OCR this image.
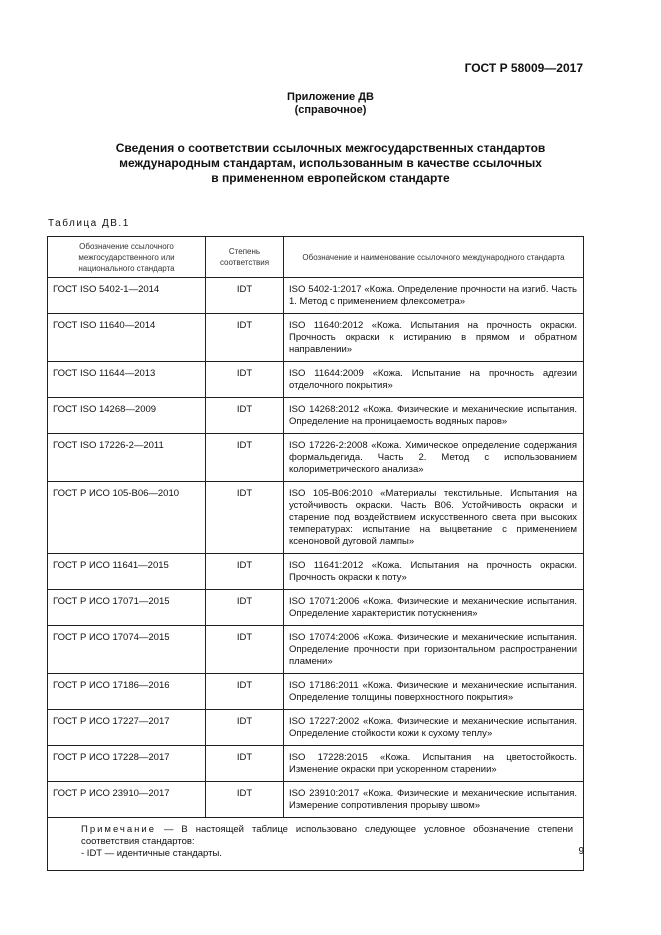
ГОСТ Р 58009—2017
Приложение ДВ
(справочное)
Сведения о соответствии ссылочных межгосударственных стандартов
международным стандартам, использованным в качестве ссылочных
в примененном европейском стандарте
Таблица ДВ.1
Обозначение ссылочного межгосударственного или национального стандарта	Степень соответствия	Обозначение и наименование ссылочного международного стандарта
ГОСТ ISO 5402-1—2014	IDT	ISO 5402-1:2017 «Кожа. Определение прочности на изгиб. Часть 1. Метод с применением флексометра»
ГОСТ ISO 11640—2014	IDT	ISO 11640:2012 «Кожа. Испытания на прочность окраски. Прочность окраски к истиранию в прямом и обратном направлении»
ГОСТ ISO 11644—2013	IDT	ISO 11644:2009 «Кожа. Испытание на прочность адгезии отделочного покрытия»
ГОСТ ISO 14268—2009	IDT	ISO 14268:2012 «Кожа. Физические и механические испытания. Определение на проницаемость водяных паров»
ГОСТ ISO 17226-2—2011	IDT	ISO 17226-2:2008 «Кожа. Химическое определение содержания формальдегида. Часть 2. Метод с использованием колориметрического анализа»
ГОСТ Р ИСО 105-В06—2010	IDT	ISO 105-B06:2010 «Материалы текстильные. Испытания на устойчивость окраски. Часть В06. Устойчивость окраски и старение под воздействием искусственного света при высоких температурах: испытание на выцветание с применением ксеноновой дуговой лампы»
ГОСТ Р ИСО 11641—2015	IDT	ISO 11641:2012 «Кожа. Испытания на прочность окраски. Прочность окраски к поту»
ГОСТ Р ИСО 17071—2015	IDT	ISO 17071:2006 «Кожа. Физические и механические испытания. Определение характеристик потускнения»
ГОСТ Р ИСО 17074—2015	IDT	ISO 17074:2006 «Кожа. Физические и механические испытания. Определение прочности при горизонтальном распространении пламени»
ГОСТ Р ИСО 17186—2016	IDT	ISO 17186:2011 «Кожа. Физические и механические испытания. Определение толщины поверхностного покрытия»
ГОСТ Р ИСО 17227—2017	IDT	ISO 17227:2002 «Кожа. Физические и механические испытания. Определение стойкости кожи к сухому теплу»
ГОСТ Р ИСО 17228—2017	IDT	ISO 17228:2015 «Кожа. Испытания на цветостойкость. Изменение окраски при ускоренном старении»
ГОСТ Р ИСО 23910—2017	IDT	ISO 23910:2017 «Кожа. Физические и механические испытания. Измерение сопротивления прорыву швом»
Примечание — В настоящей таблице использовано следующее условное обозначение степени соответствия стандартов:
- IDT — идентичные стандарты.			9
